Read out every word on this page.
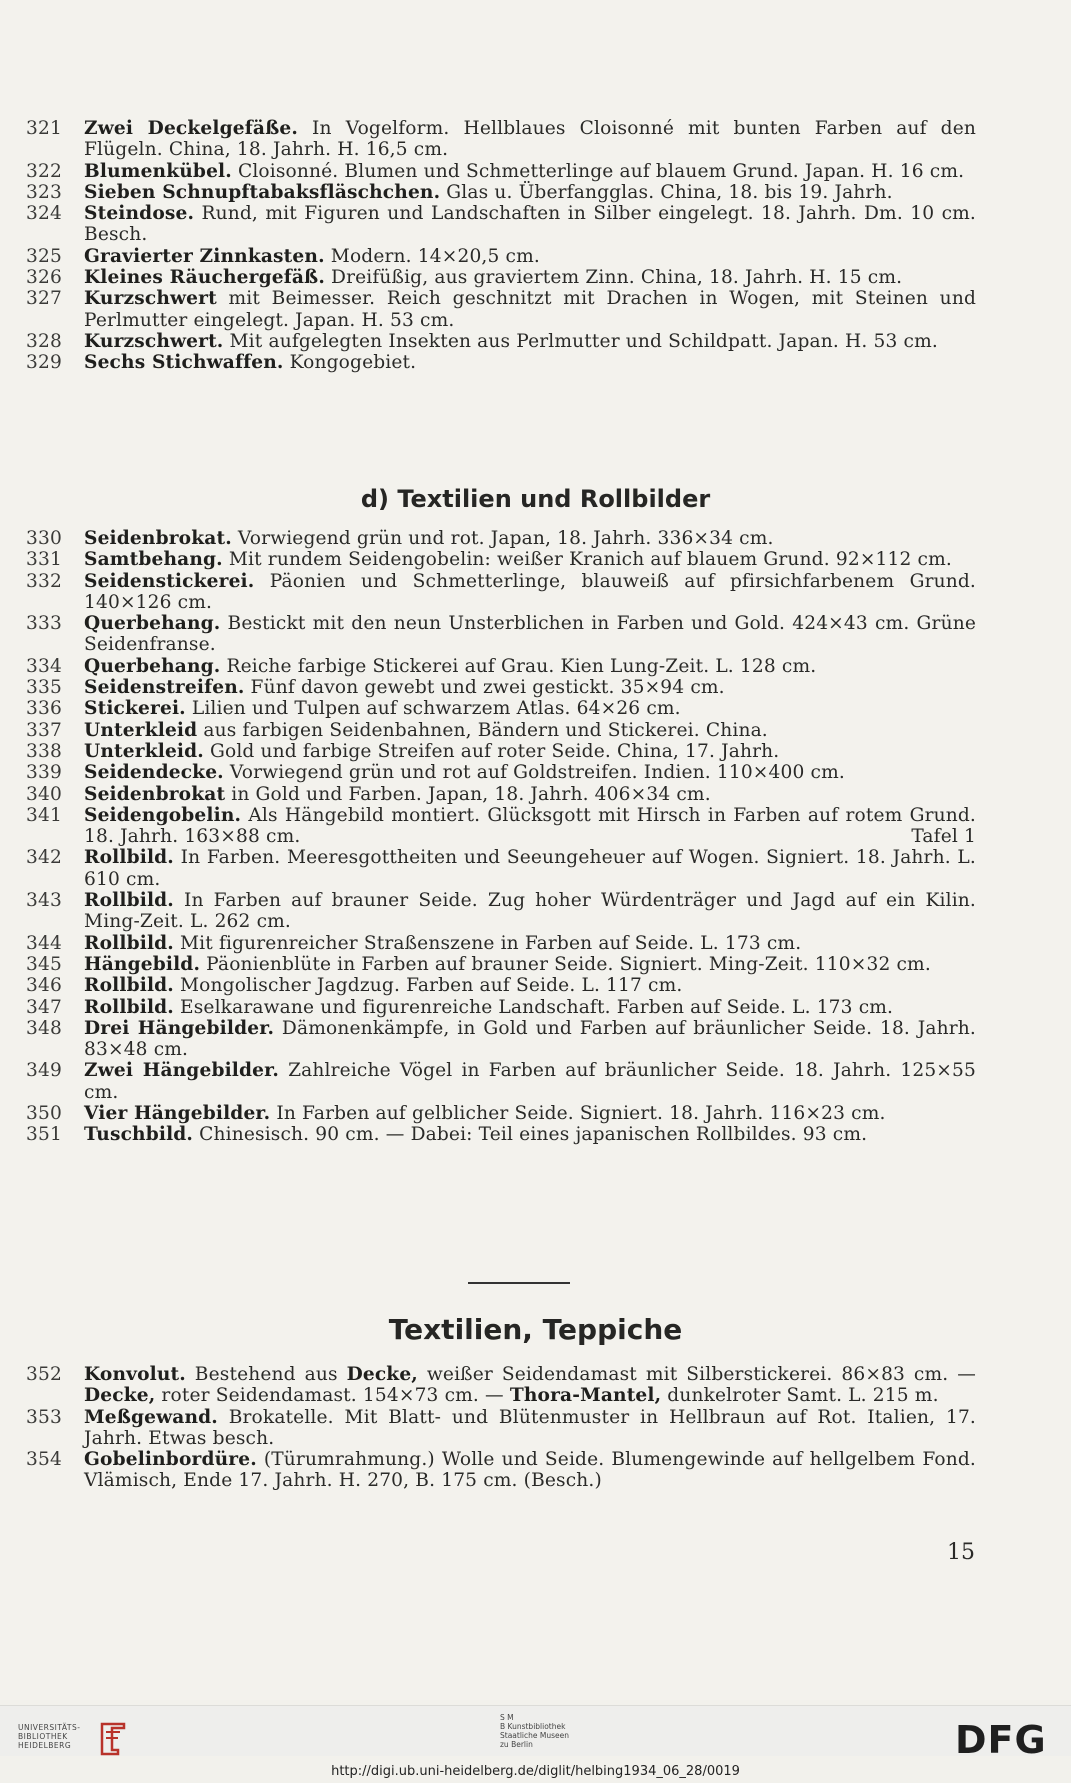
321	Zwei Deckelgefäße. In Vogelform. Hellblaues Cloisonné mit bunten Farben auf den Flügeln. China, 18. Jahrh. H. 16,5 cm.
322	Blumenkübel. Cloisonné. Blumen und Schmetterlinge auf blauem Grund. Japan. H. 16 cm.
323	Sieben Schnupftabaksfläschchen. Glas u. Überfangglas. China, 18. bis 19. Jahrh.
324	Steindose. Rund, mit Figuren und Landschaften in Silber eingelegt. 18. Jahrh. Dm. 10 cm. Besch.
325	Gravierter Zinnkasten. Modern. 14×20,5 cm.
326	Kleines Räuchergefäß. Dreifüßig, aus graviertem Zinn. China, 18. Jahrh. H. 15 cm.
327	Kurzschwert mit Beimesser. Reich geschnitzt mit Drachen in Wogen, mit Steinen und Perlmutter eingelegt. Japan. H. 53 cm.
328	Kurzschwert. Mit aufgelegten Insekten aus Perlmutter und Schildpatt. Japan. H. 53 cm.
329	Sechs Stichwaffen. Kongogebiet.
d) Textilien und Rollbilder
330	Seidenbrokat. Vorwiegend grün und rot. Japan, 18. Jahrh. 336×34 cm.
331	Samtbehang. Mit rundem Seidengobelin: weißer Kranich auf blauem Grund. 92×112 cm.
332	Seidenstickerei. Päonien und Schmetterlinge, blauweiß auf pfirsichfarbenem Grund. 140×126 cm.
333	Querbehang. Bestickt mit den neun Unsterblichen in Farben und Gold. 424×43 cm. Grüne Seidenfranse.
334	Querbehang. Reiche farbige Stickerei auf Grau. Kien Lung-Zeit. L. 128 cm.
335	Seidenstreifen. Fünf davon gewebt und zwei gestickt. 35×94 cm.
336	Stickerei. Lilien und Tulpen auf schwarzem Atlas. 64×26 cm.
337	Unterkleid aus farbigen Seidenbahnen, Bändern und Stickerei. China.
338	Unterkleid. Gold und farbige Streifen auf roter Seide. China, 17. Jahrh.
339	Seidendecke. Vorwiegend grün und rot auf Goldstreifen. Indien. 110×400 cm.
340	Seidenbrokat in Gold und Farben. Japan, 18. Jahrh. 406×34 cm.
341	Seidengobelin. Als Hängebild montiert. Glücksgott mit Hirsch in Farben auf rotem Grund. 18. Jahrh. 163×88 cm.	Tafel 1
342	Rollbild. In Farben. Meeresgottheiten und Seeungeheuer auf Wogen. Signiert. 18. Jahrh. L. 610 cm.
343	Rollbild. In Farben auf brauner Seide. Zug hoher Würdenträger und Jagd auf ein Kilin. Ming-Zeit. L. 262 cm.
344	Rollbild. Mit figurenreicher Straßenszene in Farben auf Seide. L. 173 cm.
345	Hängebild. Päonienblüte in Farben auf brauner Seide. Signiert. Ming-Zeit. 110×32 cm.
346	Rollbild. Mongolischer Jagdzug. Farben auf Seide. L. 117 cm.
347	Rollbild. Eselkarawane und figurenreiche Landschaft. Farben auf Seide. L. 173 cm.
348	Drei Hängebilder. Dämonenkämpfe, in Gold und Farben auf bräunlicher Seide. 18. Jahrh. 83×48 cm.
349	Zwei Hängebilder. Zahlreiche Vögel in Farben auf bräunlicher Seide. 18. Jahrh. 125×55 cm.
350	Vier Hängebilder. In Farben auf gelblicher Seide. Signiert. 18. Jahrh. 116×23 cm.
351	Tuschbild. Chinesisch. 90 cm. — Dabei: Teil eines japanischen Rollbildes. 93 cm.
Textilien, Teppiche
352	Konvolut. Bestehend aus Decke, weißer Seidendamast mit Silberstickerei. 86×83 cm. — Decke, roter Seidendamast. 154×73 cm. — Thora-Mantel, dunkelroter Samt. L. 215 m.
353	Meßgewand. Brokatelle. Mit Blatt- und Blütenmuster in Hellbraun auf Rot. Italien, 17. Jahrh. Etwas besch.
354	Gobelinbordüre. (Türumrahmung.) Wolle und Seide. Blumengewinde auf hellgelbem Fond. Vlämisch, Ende 17. Jahrh. H. 270, B. 175 cm. (Besch.)
15
UNIVERSITÄTS-
BIBLIOTHEK
HEIDELBERG
S M
B Kunstbibliothek
Staatliche Museen
zu Berlin	DFG
http://digi.ub.uni-heidelberg.de/diglit/helbing1934_06_28/0019
